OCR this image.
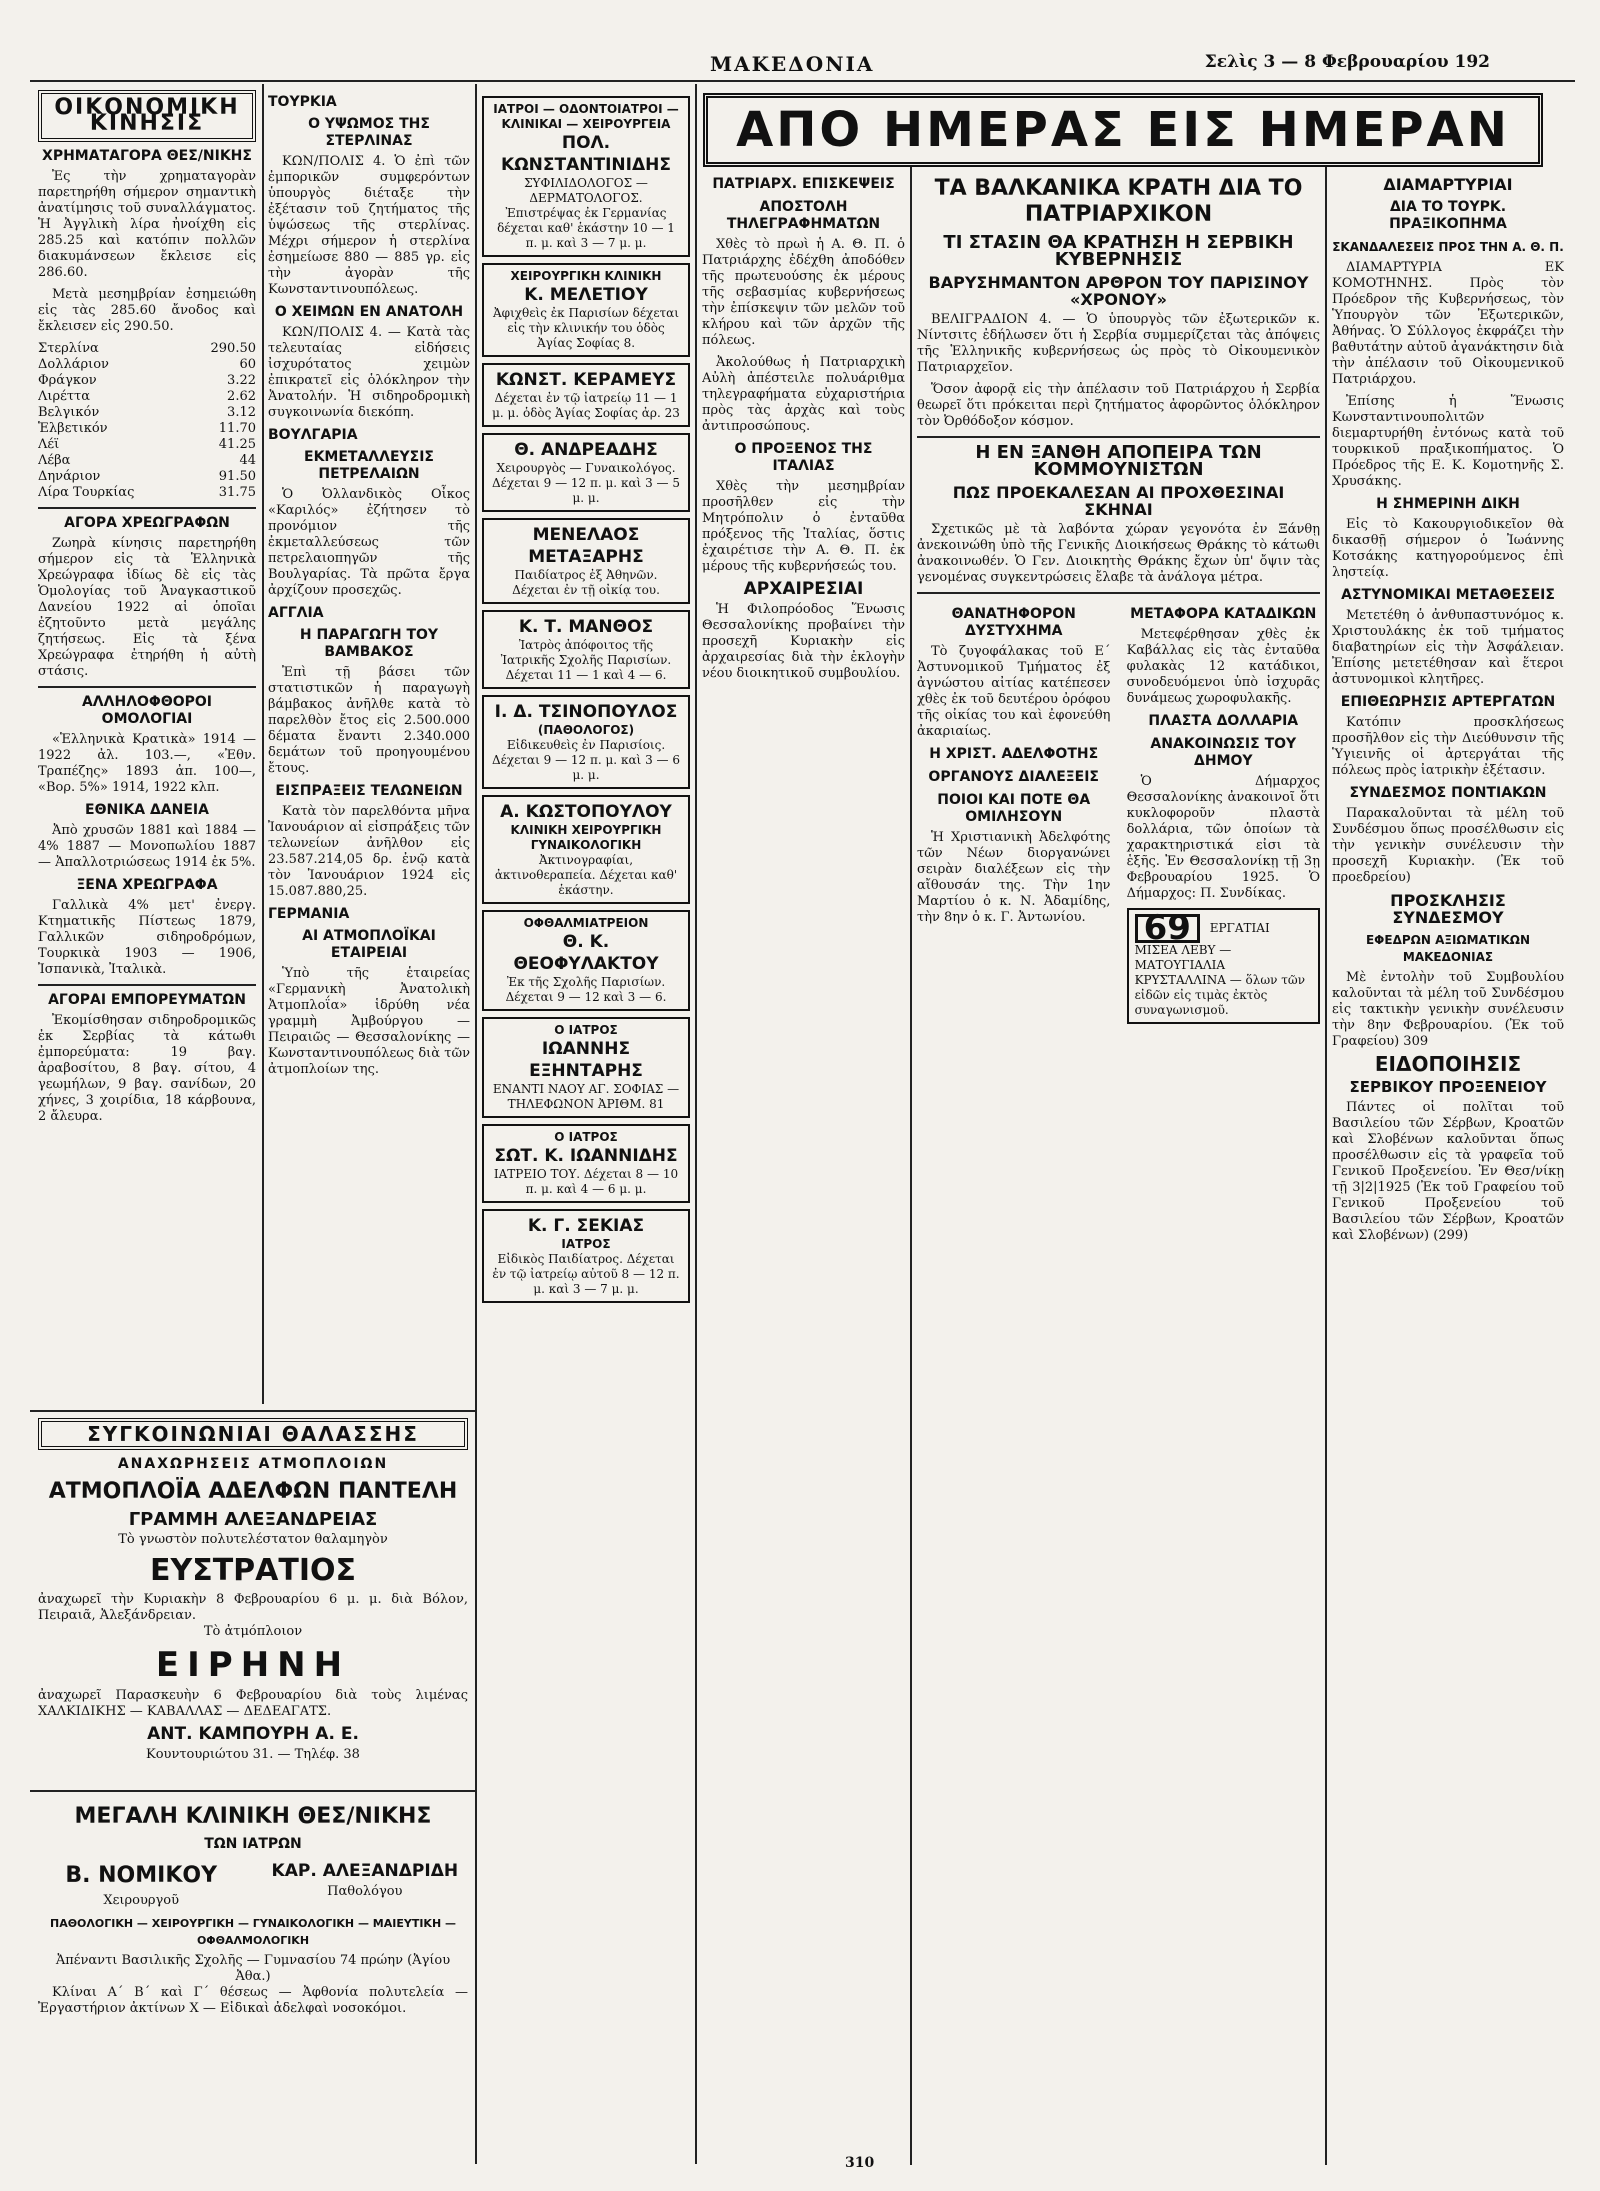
ΜΑΚΕΔΟΝΙΑ	Σελὶς 3 — 8 Φεβρουαρίου 192
ΟΙΚΟΝΟΜΙΚΗ ΚΙΝΗΣΙΣ
ΧΡΗΜΑΤΑΓΟΡΑ ΘΕΣ/ΝΙΚΗΣ

Ἐς τὴν χρηματαγορὰν παρετηρήθη σήμερον σημαντικὴ ἀνατίμησις τοῦ συναλλάγματος. Ἡ Ἀγγλικὴ λίρα ἠνοίχθη εἰς 285.25 καὶ κατόπιν πολλῶν διακυμάνσεων ἔκλεισε εἰς 286.60.

Μετὰ μεσημβρίαν ἐσημειώθη εἰς τὰς 285.60 ἄνοδος καὶ ἔκλεισεν εἰς 290.50.

Στερλίνα	290.50
Δολλάριον	60
Φράγκον	3.22
Λιρέττα	2.62
Βελγικόν	3.12
Ἑλβετικόν	11.70
Λέϊ	41.25
Λέβα	44
Δηνάριον	91.50
Λίρα Τουρκίας	31.75
ΑΓΟΡΑ ΧΡΕΩΓΡΑΦΩΝ

Ζωηρὰ κίνησις παρετηρήθη σήμερον εἰς τὰ Ἑλληνικὰ Χρεώγραφα ἰδίως δὲ εἰς τὰς Ὁμολογίας τοῦ Ἀναγκαστικοῦ Δανείου 1922 αἱ ὁποῖαι ἐζητοῦντο μετὰ μεγάλης ζητήσεως. Εἰς τὰ ξένα Χρεώγραφα ἐτηρήθη ἡ αὐτὴ στάσις.

ΑΛΛΗΛΟΦΘΟΡΟΙ ΟΜΟΛΟΓΙΑΙ

«Ἑλληνικὰ Κρατικὰ» 1914 — 1922 ἀλ. 103.—, «Ἐθν. Τραπέζης» 1893 ἀπ. 100—, «Βορ. 5%» 1914, 1922 κλπ.

ΕΘΝΙΚΑ ΔΑΝΕΙΑ

Ἀπὸ χρυσῶν 1881 καὶ 1884 — 4% 1887 — Μονοπωλίου 1887 — Ἀπαλλοτριώσεως 1914 ἐκ 5%.

ΞΕΝΑ ΧΡΕΩΓΡΑΦΑ

Γαλλικὰ 4% μετ' ἐνεργ. Κτηματικῆς Πίστεως 1879, Γαλλικῶν σιδηροδρόμων, Τουρκικὰ 1903 — 1906, Ἰσπανικὰ, Ἰταλικὰ.

ΑΓΟΡΑΙ ΕΜΠΟΡΕΥΜΑΤΩΝ

Ἐκομίσθησαν σιδηροδρομικῶς ἐκ Σερβίας τὰ κάτωθι ἐμπορεύματα: 19 βαγ. ἀραβοσίτου, 8 βαγ. σίτου, 4 γεωμήλων, 9 βαγ. σανίδων, 20 χήνες, 3 χοιρίδια, 18 κάρβουνα, 2 ἄλευρα.

ΤΟΥΡΚΙΑ
Ο ΥΨΩΜΟΣ ΤΗΣ ΣΤΕΡΛΙΝΑΣ

ΚΩΝ/ΠΟΛΙΣ 4. Ὁ ἐπὶ τῶν ἐμπορικῶν συμφερόντων ὑπουργὸς διέταξε τὴν ἐξέτασιν τοῦ ζητήματος τῆς ὑψώσεως τῆς στερλίνας. Μέχρι σήμερον ἡ στερλίνα ἐσημείωσε 880 — 885 γρ. εἰς τὴν ἀγορὰν τῆς Κωνσταντινουπόλεως.

Ο ΧΕΙΜΩΝ ΕΝ ΑΝΑΤΟΛΗ

ΚΩΝ/ΠΟΛΙΣ 4. — Κατὰ τὰς τελευταίας εἰδήσεις ἰσχυρότατος χειμὼν ἐπικρατεῖ εἰς ὁλόκληρον τὴν Ἀνατολήν. Ἡ σιδηροδρομικὴ συγκοινωνία διεκόπη.

ΒΟΥΛΓΑΡΙΑ
ΕΚΜΕΤΑΛΛΕΥΣΙΣ ΠΕΤΡΕΛΑΙΩΝ

Ὁ Ὀλλανδικὸς Οἶκος «Καριλός» ἐζήτησεν τὸ προνόμιον τῆς ἐκμεταλλεύσεως τῶν πετρελαιοπηγῶν τῆς Βουλγαρίας. Τὰ πρῶτα ἔργα ἀρχίζουν προσεχῶς.

ΑΓΓΛΙΑ
Η ΠΑΡΑΓΩΓΗ ΤΟΥ ΒΑΜΒΑΚΟΣ

Ἐπὶ τῇ βάσει τῶν στατιστικῶν ἡ παραγωγὴ βάμβακος ἀνῆλθε κατὰ τὸ παρελθὸν ἔτος εἰς 2.500.000 δέματα ἔναντι 2.340.000 δεμάτων τοῦ προηγουμένου ἔτους.

ΕΙΣΠΡΑΞΕΙΣ ΤΕΛΩΝΕΙΩΝ

Κατὰ τὸν παρελθόντα μῆνα Ἰανουάριον αἱ εἰσπράξεις τῶν τελωνείων ἀνῆλθον εἰς 23.587.214,05 δρ. ἐνῷ κατὰ τὸν Ἰανουάριον 1924 εἰς 15.087.880,25.

ΓΕΡΜΑΝΙΑ
ΑΙ ΑΤΜΟΠΛΟΪΚΑΙ ΕΤΑΙΡΕΙΑΙ

Ὑπὸ τῆς ἑταιρείας «Γερμανικὴ Ἀνατολικὴ Ἀτμοπλοΐα» ἱδρύθη νέα γραμμὴ Ἀμβούργου — Πειραιῶς — Θεσσαλονίκης — Κωνσταντινουπόλεως διὰ τῶν ἀτμοπλοίων της.

ΣΥΓΚΟΙΝΩΝΙΑΙ ΘΑΛΑΣΣΗΣ
ΑΝΑΧΩΡΗΣΕΙΣ ΑΤΜΟΠΛΟΙΩΝ
ΑΤΜΟΠΛΟΪΑ ΑΔΕΛΦΩΝ ΠΑΝΤΕΛΗ
ΓΡΑΜΜΗ ΑΛΕΞΑΝΔΡΕΙΑΣ
Τὸ γνωστὸν πολυτελέστατον θαλαμηγὸν
ΕΥΣΤΡΑΤΙΟΣ
ἀναχωρεῖ τὴν Κυριακὴν 8 Φεβρουαρίου 6 μ. μ. διὰ Βόλον, Πειραιᾶ, Ἀλεξάνδρειαν.
Τὸ ἀτμόπλοιον
ΕΙΡΗΝΗ
ἀναχωρεῖ Παρασκευὴν 6 Φεβρουαρίου διὰ τοὺς λιμένας ΧΑΛΚΙΔΙΚΗΣ — ΚΑΒΑΛΛΑΣ — ΔΕΔΕΑΓΑΤΣ.
ΑΝΤ. ΚΑΜΠΟΥΡΗ Α. Ε.
Κουντουριώτου 31. — Τηλέφ. 38
ΜΕΓΑΛΗ ΚΛΙΝΙΚΗ ΘΕΣ/ΝΙΚΗΣ
ΤΩΝ ΙΑΤΡΩΝ
Β. ΝΟΜΙΚΟΥ
Χειρουργοῦ
ΚΑΡ. ΑΛΕΞΑΝΔΡΙΔΗ
Παθολόγου
ΠΑΘΟΛΟΓΙΚΗ — ΧΕΙΡΟΥΡΓΙΚΗ — ΓΥΝΑΙΚΟΛΟΓΙΚΗ — ΜΑΙΕΥΤΙΚΗ — ΟΦΘΑΛΜΟΛΟΓΙΚΗ
Ἀπέναντι Βασιλικῆς Σχολῆς — Γυμνασίου 74 πρώην (Ἀγίου Ἀθα.)

Κλίναι Α΄ Β΄ καὶ Γ΄ θέσεως — Ἀφθονία πολυτελεία — Ἐργαστήριον ἀκτίνων Χ — Εἰδικαὶ ἀδελφαὶ νοσοκόμοι.

ΙΑΤΡΟΙ — ΟΔΟΝΤΟΙΑΤΡΟΙ — ΚΛΙΝΙΚΑΙ — ΧΕΙΡΟΥΡΓΕΙΑ
ΠΟΛ. ΚΩΝΣΤΑΝΤΙΝΙΔΗΣ
ΣΥΦΙΛΙΔΟΛΟΓΟΣ — ΔΕΡΜΑΤΟΛΟΓΟΣ. Ἐπιστρέψας ἐκ Γερμανίας δέχεται καθ' ἑκάστην 10 — 1 π. μ. καὶ 3 — 7 μ. μ.
ΧΕΙΡΟΥΡΓΙΚΗ ΚΛΙΝΙΚΗ
Κ. ΜΕΛΕΤΙΟΥ
Ἀφιχθεὶς ἐκ Παρισίων δέχεται εἰς τὴν κλινικήν του ὁδὸς Ἀγίας Σοφίας 8.
ΚΩΝΣΤ. ΚΕΡΑΜΕΥΣ
Δέχεται ἐν τῷ ἰατρείῳ 11 — 1 μ. μ. ὁδὸς Ἁγίας Σοφίας ἀρ. 23
Θ. ΑΝΔΡΕΑΔΗΣ
Χειρουργὸς — Γυναικολόγος. Δέχεται 9 — 12 π. μ. καὶ 3 — 5 μ. μ.
ΜΕΝΕΛΑΟΣ ΜΕΤΑΞΑΡΗΣ
Παιδίατρος ἐξ Ἀθηνῶν. Δέχεται ἐν τῇ οἰκίᾳ του.
Κ. Τ. ΜΑΝΘΟΣ
Ἰατρὸς ἀπόφοιτος τῆς Ἰατρικῆς Σχολῆς Παρισίων. Δέχεται 11 — 1 καὶ 4 — 6.
Ι. Δ. ΤΣΙΝΟΠΟΥΛΟΣ
(ΠΑΘΟΛΟΓΟΣ)
Εἰδικευθεὶς ἐν Παρισίοις. Δέχεται 9 — 12 π. μ. καὶ 3 — 6 μ. μ.
Α. ΚΩΣΤΟΠΟΥΛΟΥ
ΚΛΙΝΙΚΗ ΧΕΙΡΟΥΡΓΙΚΗ ΓΥΝΑΙΚΟΛΟΓΙΚΗ
Ἀκτινογραφίαι, ἀκτινοθεραπεία. Δέχεται καθ' ἑκάστην.
ΟΦΘΑΛΜΙΑΤΡΕΙΟΝ
Θ. Κ. ΘΕΟΦΥΛΑΚΤΟΥ
Ἐκ τῆς Σχολῆς Παρισίων. Δέχεται 9 — 12 καὶ 3 — 6.
Ο ΙΑΤΡΟΣ
ΙΩΑΝΝΗΣ ΕΞΗΝΤΑΡΗΣ
ΕΝΑΝΤΙ ΝΑΟΥ ΑΓ. ΣΟΦΙΑΣ — ΤΗΛΕΦΩΝΟΝ ἈΡΙΘΜ. 81
Ο ΙΑΤΡΟΣ
ΣΩΤ. Κ. ΙΩΑΝΝΙΔΗΣ
ΙΑΤΡΕΙΟ ΤΟΥ. Δέχεται 8 — 10 π. μ. καὶ 4 — 6 μ. μ.
Κ. Γ. ΣΕΚΙΑΣ
ΙΑΤΡΟΣ
Εἰδικὸς Παιδίατρος. Δέχεται ἐν τῷ ἰατρείῳ αὐτοῦ 8 — 12 π. μ. καὶ 3 — 7 μ. μ.
ΑΠΟ ΗΜΕΡΑΣ ΕΙΣ ΗΜΕΡΑΝ
ΠΑΤΡΙΑΡΧ. ΕΠΙΣΚΕΨΕΙΣ
ΑΠΟΣΤΟΛΗ ΤΗΛΕΓΡΑΦΗΜΑΤΩΝ

Χθὲς τὸ πρωὶ ἡ Α. Θ. Π. ὁ Πατριάρχης ἐδέχθη ἀποδόθεν τῆς πρωτευούσης ἐκ μέρους τῆς σεβασμίας κυβερνήσεως τὴν ἐπίσκεψιν τῶν μελῶν τοῦ κλήρου καὶ τῶν ἀρχῶν τῆς πόλεως.

Ἀκολούθως ἡ Πατριαρχικὴ Αὐλὴ ἀπέστειλε πολυάριθμα τηλεγραφήματα εὐχαριστήρια πρὸς τὰς ἀρχὰς καὶ τοὺς ἀντιπροσώπους.

Ο ΠΡΟΞΕΝΟΣ ΤΗΣ ΙΤΑΛΙΑΣ

Χθὲς τὴν μεσημβρίαν προσῆλθεν εἰς τὴν Μητρόπολιν ὁ ἐνταῦθα πρόξενος τῆς Ἰταλίας, ὅστις ἐχαιρέτισε τὴν Α. Θ. Π. ἐκ μέρους τῆς κυβερνήσεώς του.

ΑΡΧΑΙΡΕΣΙΑΙ

Ἡ Φιλοπρόοδος Ἕνωσις Θεσσαλονίκης προβαίνει τὴν προσεχῆ Κυριακὴν εἰς ἀρχαιρεσίας διὰ τὴν ἐκλογὴν νέου διοικητικοῦ συμβουλίου.

ΤΑ ΒΑΛΚΑΝΙΚΑ ΚΡΑΤΗ ΔΙΑ ΤΟ ΠΑΤΡΙΑΡΧΙΚΟΝ
ΤΙ ΣΤΑΣΙΝ ΘΑ ΚΡΑΤΗΣΗ Η ΣΕΡΒΙΚΗ ΚΥΒΕΡΝΗΣΙΣ
ΒΑΡΥΣΗΜΑΝΤΟΝ ΑΡΘΡΟΝ ΤΟΥ ΠΑΡΙΣΙΝΟΥ «ΧΡΟΝΟΥ»

ΒΕΛΙΓΡΑΔΙΟΝ 4. — Ὁ ὑπουργὸς τῶν ἐξωτερικῶν κ. Νίντσιτς ἐδήλωσεν ὅτι ἡ Σερβία συμμερίζεται τὰς ἀπόψεις τῆς Ἑλληνικῆς κυβερνήσεως ὡς πρὸς τὸ Οἰκουμενικὸν Πατριαρχεῖον.

Ὅσον ἀφορᾷ εἰς τὴν ἀπέλασιν τοῦ Πατριάρχου ἡ Σερβία θεωρεῖ ὅτι πρόκειται περὶ ζητήματος ἀφορῶντος ὁλόκληρον τὸν Ὀρθόδοξον κόσμον.

Η ΕΝ ΞΑΝΘΗ ΑΠΟΠΕΙΡΑ ΤΩΝ ΚΟΜΜΟΥΝΙΣΤΩΝ
ΠΩΣ ΠΡΟΕΚΑΛΕΣΑΝ ΑΙ ΠΡΟΧΘΕΣΙΝΑΙ ΣΚΗΝΑΙ

Σχετικῶς μὲ τὰ λαβόντα χώραν γεγονότα ἐν Ξάνθῃ ἀνεκοινώθη ὑπὸ τῆς Γενικῆς Διοικήσεως Θράκης τὸ κάτωθι ἀνακοινωθέν. Ὁ Γεν. Διοικητὴς Θράκης ἔχων ὑπ' ὄψιν τὰς γενομένας συγκεντρώσεις ἔλαβε τὰ ἀνάλογα μέτρα.

ΘΑΝΑΤΗΦΟΡΟΝ ΔΥΣΤΥΧΗΜΑ

Τὸ ζυγοφάλακας τοῦ Ε΄ Ἀστυνομικοῦ Τμήματος ἐξ ἀγνώστου αἰτίας κατέπεσεν χθὲς ἐκ τοῦ δευτέρου ὀρόφου τῆς οἰκίας του καὶ ἐφονεύθη ἀκαριαίως.

Η ΧΡΙΣΤ. ΑΔΕΛΦΟΤΗΣ
ΟΡΓΑΝΟΥΣ ΔΙΑΛΕΞΕΙΣ
ΠΟΙΟΙ ΚΑΙ ΠΟΤΕ ΘΑ ΟΜΙΛΗΣΟΥΝ

Ἡ Χριστιανικὴ Ἀδελφότης τῶν Νέων διοργανώνει σειρὰν διαλέξεων εἰς τὴν αἴθουσάν της. Τὴν 1ην Μαρτίου ὁ κ. Ν. Ἀδαμίδης, τὴν 8ην ὁ κ. Γ. Ἀντωνίου.

ΜΕΤΑΦΟΡΑ ΚΑΤΑΔΙΚΩΝ

Μετεφέρθησαν χθὲς ἐκ Καβάλλας εἰς τὰς ἐνταῦθα φυλακὰς 12 κατάδικοι, συνοδευόμενοι ὑπὸ ἰσχυρᾶς δυνάμεως χωροφυλακῆς.

ΠΛΑΣΤΑ ΔΟΛΛΑΡΙΑ
ΑΝΑΚΟΙΝΩΣΙΣ ΤΟΥ ΔΗΜΟΥ

Ὁ Δήμαρχος Θεσσαλονίκης ἀνακοινοῖ ὅτι κυκλοφοροῦν πλαστὰ δολλάρια, τῶν ὁποίων τὰ χαρακτηριστικά εἰσι τὰ ἑξῆς. Ἐν Θεσσαλονίκῃ τῇ 3ῃ Φεβρουαρίου 1925. Ὁ Δήμαρχος: Π. Συνδίκας.

69 ΕΡΓΑΤΙΑΙ ΜΙΣΕΑ ΛΕΒΥ — ΜΑΤΟΥΓΙΑΛΙΑ ΚΡΥΣΤΑΛΛΙΝΑ — ὅλων τῶν εἰδῶν εἰς τιμὰς ἐκτὸς συναγωνισμοῦ.
ΔΙΑΜΑΡΤΥΡΙΑΙ
ΔΙΑ ΤΟ ΤΟΥΡΚ. ΠΡΑΞΙΚΟΠΗΜΑ
ΣΚΑΝΔΑΛΕΣΕΙΣ ΠΡΟΣ ΤΗΝ Α. Θ. Π.

ΔΙΑΜΑΡΤΥΡΙΑ ΕΚ ΚΟΜΟΤΗΝΗΣ. Πρὸς τὸν Πρόεδρον τῆς Κυβερνήσεως, τὸν Ὑπουργὸν τῶν Ἐξωτερικῶν, Ἀθήνας. Ὁ Σύλλογος ἐκφράζει τὴν βαθυτάτην αὐτοῦ ἀγανάκτησιν διὰ τὴν ἀπέλασιν τοῦ Οἰκουμενικοῦ Πατριάρχου.

Ἐπίσης ἡ Ἕνωσις Κωνσταντινουπολιτῶν διεμαρτυρήθη ἐντόνως κατὰ τοῦ τουρκικοῦ πραξικοπήματος. Ὁ Πρόεδρος τῆς Ε. Κ. Κομοτηνῆς Σ. Χρυσάκης.

Η ΣΗΜΕΡΙΝΗ ΔΙΚΗ

Εἰς τὸ Κακουργιοδικεῖον θὰ δικασθῇ σήμερον ὁ Ἰωάννης Κοτσάκης κατηγορούμενος ἐπὶ ληστείᾳ.

ΑΣΤΥΝΟΜΙΚΑΙ ΜΕΤΑΘΕΣΕΙΣ

Μετετέθη ὁ ἀνθυπαστυνόμος κ. Χριστουλάκης ἐκ τοῦ τμήματος διαβατηρίων εἰς τὴν Ἀσφάλειαν. Ἐπίσης μετετέθησαν καὶ ἕτεροι ἀστυνομικοὶ κλητῆρες.

ΕΠΙΘΕΩΡΗΣΙΣ ΑΡΤΕΡΓΑΤΩΝ

Κατόπιν προσκλήσεως προσῆλθον εἰς τὴν Διεύθυνσιν τῆς Ὑγιεινῆς οἱ ἀρτεργάται τῆς πόλεως πρὸς ἰατρικὴν ἐξέτασιν.

ΣΥΝΔΕΣΜΟΣ ΠΟΝΤΙΑΚΩΝ

Παρακαλοῦνται τὰ μέλη τοῦ Συνδέσμου ὅπως προσέλθωσιν εἰς τὴν γενικὴν συνέλευσιν τὴν προσεχῆ Κυριακὴν. (Ἐκ τοῦ προεδρείου)

ΠΡΟΣΚΛΗΣΙΣ ΣΥΝΔΕΣΜΟΥ
ΕΦΕΔΡΩΝ ΑΞΙΩΜΑΤΙΚΩΝ ΜΑΚΕΔΟΝΙΑΣ

Μὲ ἐντολὴν τοῦ Συμβουλίου καλοῦνται τὰ μέλη τοῦ Συνδέσμου εἰς τακτικὴν γενικὴν συνέλευσιν τὴν 8ην Φεβρουαρίου. (Ἐκ τοῦ Γραφείου) 309

ΕΙΔΟΠΟΙΗΣΙΣ
ΣΕΡΒΙΚΟΥ ΠΡΟΞΕΝΕΙΟΥ

Πάντες οἱ πολῖται τοῦ Βασιλείου τῶν Σέρβων, Κροατῶν καὶ Σλοβένων καλοῦνται ὅπως προσέλθωσιν εἰς τὰ γραφεῖα τοῦ Γενικοῦ Προξενείου. Ἐν Θεσ/νίκῃ τῇ 3|2|1925 (Ἐκ τοῦ Γραφείου τοῦ Γενικοῦ Προξενείου τοῦ Βασιλείου τῶν Σέρβων, Κροατῶν καὶ Σλοβένων) (299)

310
